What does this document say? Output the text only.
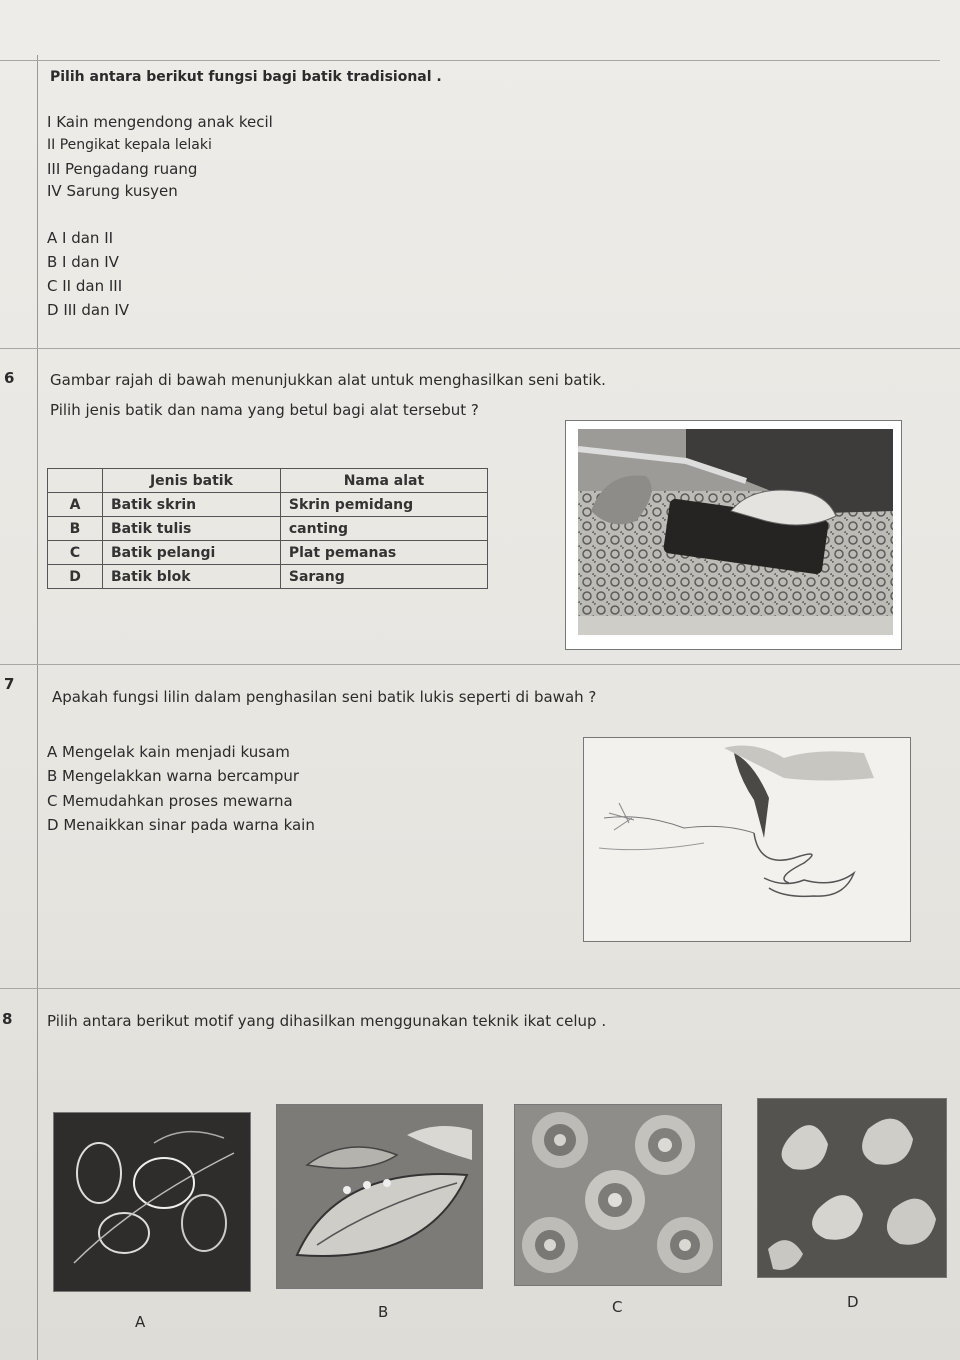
Pilih antara berikut fungsi bagi batik tradisional .
I Kain mengendong anak kecil
II Pengikat kepala lelaki
III Pengadang ruang
IV Sarung kusyen
A I dan II
B I dan IV
C II dan III
D III dan IV
6 Gambar rajah di bawah menunjukkan alat untuk menghasilkan seni batik.
Pilih jenis batik dan nama yang betul bagi alat tersebut ?
	Jenis batik	Nama alat
A	Batik skrin	Skrin pemidang
B	Batik tulis	canting
C	Batik pelangi	Plat pemanas
D	Batik blok	Sarang
7
Apakah fungsi lilin dalam penghasilan seni batik lukis seperti di bawah ?
A Mengelak kain menjadi kusam
B Mengelakkan warna bercampur
C Memudahkan proses mewarna
D Menaikkan sinar pada warna kain
8 Pilih antara berikut motif yang dihasilkan menggunakan teknik ikat celup .
A
B	C	D
